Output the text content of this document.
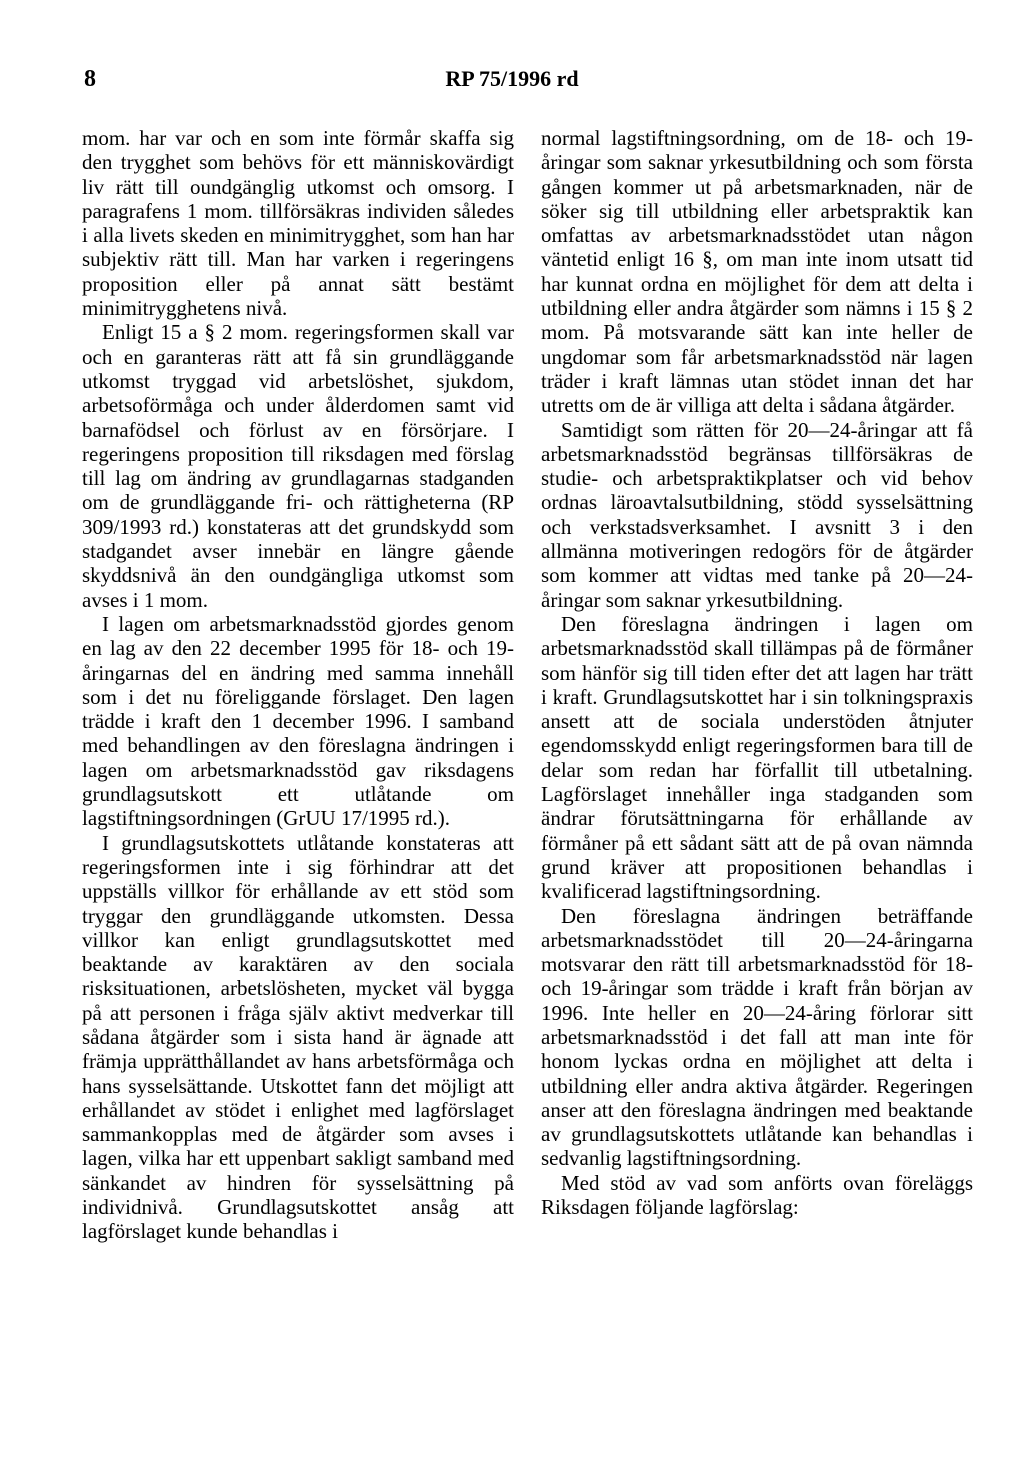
8	RP 75/1996 rd

mom. har var och en som inte förmår skaffa sig den trygghet som behövs för ett människovärdigt liv rätt till oundgänglig utkomst och omsorg. I paragrafens 1 mom. tillförsäkras individen således i alla livets skeden en minimitrygghet, som han har subjektiv rätt till. Man har varken i regeringens proposition eller på annat sätt bestämt minimitrygghetens nivå.

Enligt 15 a § 2 mom. regeringsformen skall var och en garanteras rätt att få sin grundläggande utkomst tryggad vid arbetslöshet, sjukdom, arbetsoförmåga och under ålderdomen samt vid barnafödsel och förlust av en försörjare. I regeringens proposition till riksdagen med förslag till lag om ändring av grundlagarnas stadganden om de grundläggande fri- och rättigheterna (RP 309/1993 rd.) konstateras att det grundskydd som stadgandet avser innebär en längre gående skyddsnivå än den oundgängliga utkomst som avses i 1 mom.

I lagen om arbetsmarknadsstöd gjordes genom en lag av den 22 december 1995 för 18- och 19-åringarnas del en ändring med samma innehåll som i det nu föreliggande förslaget. Den lagen trädde i kraft den 1 december 1996. I samband med behandlingen av den föreslagna ändringen i lagen om arbetsmarknadsstöd gav riksdagens grundlagsutskott ett utlåtande om lagstiftningsordningen (GrUU 17/1995 rd.).

I grundlagsutskottets utlåtande konstateras att regeringsformen inte i sig förhindrar att det uppställs villkor för erhållande av ett stöd som tryggar den grundläggande utkomsten. Dessa villkor kan enligt grundlagsutskottet med beaktande av karaktären av den sociala risksituationen, arbetslösheten, mycket väl bygga på att personen i fråga själv aktivt medverkar till sådana åtgärder som i sista hand är ägnade att främja upprätthållandet av hans arbetsförmåga och hans sysselsättande. Utskottet fann det möjligt att erhållandet av stödet i enlighet med lagförslaget sammankopplas med de åtgärder som avses i lagen, vilka har ett uppenbart sakligt samband med sänkandet av hindren för sysselsättning på individnivå. Grundlagsutskottet ansåg att lagförslaget kunde behandlas i

normal lagstiftningsordning, om de 18- och 19-åringar som saknar yrkesutbildning och som första gången kommer ut på arbetsmarknaden, när de söker sig till utbildning eller arbetspraktik kan omfattas av arbetsmarknadsstödet utan någon väntetid enligt 16 §, om man inte inom utsatt tid har kunnat ordna en möjlighet för dem att delta i utbildning eller andra åtgärder som nämns i 15 § 2 mom. På motsvarande sätt kan inte heller de ungdomar som får arbetsmarknadsstöd när lagen träder i kraft lämnas utan stödet innan det har utretts om de är villiga att delta i sådana åtgärder.

Samtidigt som rätten för 20—24-åringar att få arbetsmarknadsstöd begränsas tillförsäkras de studie- och arbetspraktikplatser och vid behov ordnas läroavtalsutbildning, stödd sysselsättning och verkstadsverksamhet. I avsnitt 3 i den allmänna motiveringen redogörs för de åtgärder som kommer att vidtas med tanke på 20—24-åringar som saknar yrkesutbildning.

Den föreslagna ändringen i lagen om arbetsmarknadsstöd skall tillämpas på de förmåner som hänför sig till tiden efter det att lagen har trätt i kraft. Grundlagsutskottet har i sin tolkningspraxis ansett att de sociala understöden åtnjuter egendomsskydd enligt regeringsformen bara till de delar som redan har förfallit till utbetalning. Lagförslaget innehåller inga stadganden som ändrar förutsättningarna för erhållande av förmåner på ett sådant sätt att de på ovan nämnda grund kräver att propositionen behandlas i kvalificerad lagstiftningsordning.

Den föreslagna ändringen beträffande arbetsmarknadsstödet till 20—24-åringarna motsvarar den rätt till arbetsmarknadsstöd för 18- och 19-åringar som trädde i kraft från början av 1996. Inte heller en 20—24-åring förlorar sitt arbetsmarknadsstöd i det fall att man inte för honom lyckas ordna en möjlighet att delta i utbildning eller andra aktiva åtgärder. Regeringen anser att den föreslagna ändringen med beaktande av grundlagsutskottets utlåtande kan behandlas i sedvanlig lagstiftningsordning.

Med stöd av vad som anförts ovan föreläggs Riksdagen följande lagförslag:
